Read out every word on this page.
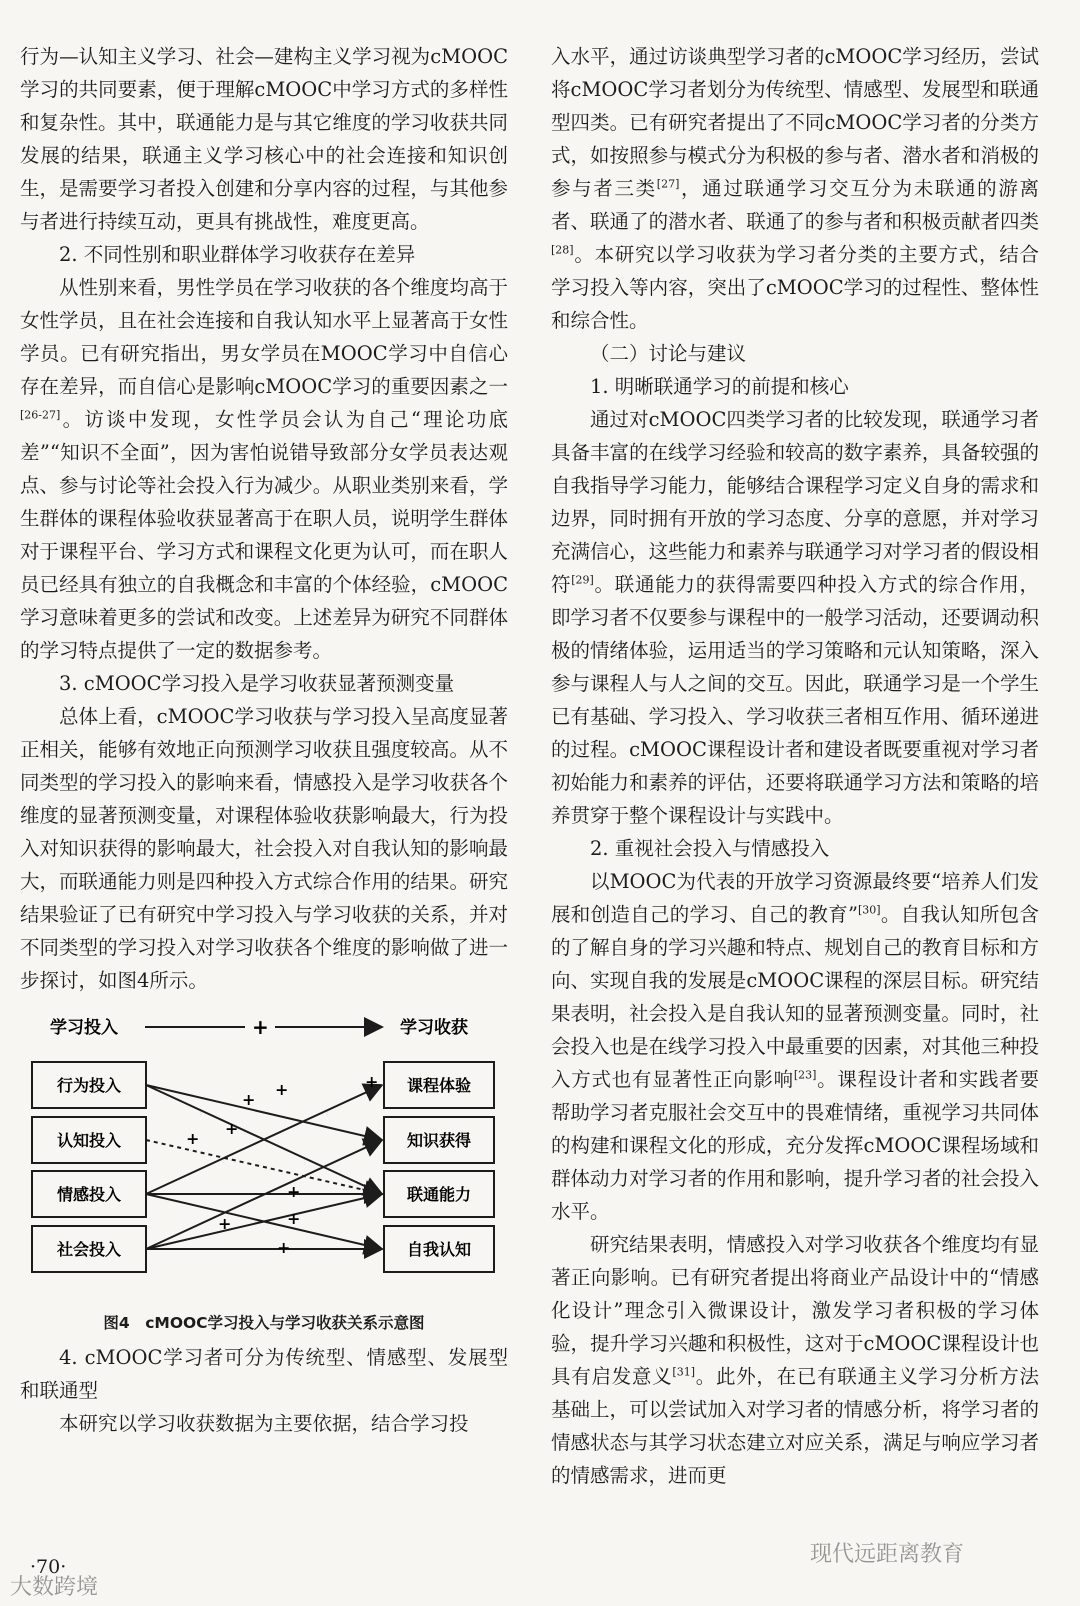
行为—认知主义学习、社会—建构主义学习视为cMOOC学习的共同要素，便于理解cMOOC中学习方式的多样性和复杂性。其中，联通能力是与其它维度的学习收获共同发展的结果，联通主义学习核心中的社会连接和知识创生，是需要学习者投入创建和分享内容的过程，与其他参与者进行持续互动，更具有挑战性，难度更高。

2. 不同性别和职业群体学习收获存在差异

从性别来看，男性学员在学习收获的各个维度均高于女性学员，且在社会连接和自我认知水平上显著高于女性学员。已有研究指出，男女学员在MOOC学习中自信心存在差异，而自信心是影响cMOOC学习的重要因素之一[26-27]。访谈中发现，女性学员会认为自己“理论功底差”“知识不全面”，因为害怕说错导致部分女学员表达观点、参与讨论等社会投入行为减少。从职业类别来看，学生群体的课程体验收获显著高于在职人员，说明学生群体对于课程平台、学习方式和课程文化更为认可，而在职人员已经具有独立的自我概念和丰富的个体经验，cMOOC学习意味着更多的尝试和改变。上述差异为研究不同群体的学习特点提供了一定的数据参考。

3. cMOOC学习投入是学习收获显著预测变量

总体上看，cMOOC学习收获与学习投入呈高度显著正相关，能够有效地正向预测学习收获且强度较高。从不同类型的学习投入的影响来看，情感投入是学习收获各个维度的显著预测变量，对课程体验收获影响最大，行为投入对知识获得的影响最大，社会投入对自我认知的影响最大，而联通能力则是四种投入方式综合作用的结果。研究结果验证了已有研究中学习投入与学习收获的关系，并对不同类型的学习投入对学习收获各个维度的影响做了进一步探讨，如图4所示。

学习投入	+	学习收获
行为投入
认知投入
情感投入
社会投入
课程体验
知识获得
联通能力
自我认知
+
+	+
+
+
+
+
+
+
图4　cMOOC学习投入与学习收获关系示意图
4. cMOOC学习者可分为传统型、情感型、发展型和联通型

本研究以学习收获数据为主要依据，结合学习投

入水平，通过访谈典型学习者的cMOOC学习经历，尝试将cMOOC学习者划分为传统型、情感型、发展型和联通型四类。已有研究者提出了不同cMOOC学习者的分类方式，如按照参与模式分为积极的参与者、潜水者和消极的参与者三类[27]，通过联通学习交互分为未联通的游离者、联通了的潜水者、联通了的参与者和积极贡献者四类[28]。本研究以学习收获为学习者分类的主要方式，结合学习投入等内容，突出了cMOOC学习的过程性、整体性和综合性。

（二）讨论与建议
1. 明晰联通学习的前提和核心

通过对cMOOC四类学习者的比较发现，联通学习者具备丰富的在线学习经验和较高的数字素养，具备较强的自我指导学习能力，能够结合课程学习定义自身的需求和边界，同时拥有开放的学习态度、分享的意愿，并对学习充满信心，这些能力和素养与联通学习对学习者的假设相符[29]。联通能力的获得需要四种投入方式的综合作用，即学习者不仅要参与课程中的一般学习活动，还要调动积极的情绪体验，运用适当的学习策略和元认知策略，深入参与课程人与人之间的交互。因此，联通学习是一个学生已有基础、学习投入、学习收获三者相互作用、循环递进的过程。cMOOC课程设计者和建设者既要重视对学习者初始能力和素养的评估，还要将联通学习方法和策略的培养贯穿于整个课程设计与实践中。

2. 重视社会投入与情感投入

以MOOC为代表的开放学习资源最终要“培养人们发展和创造自己的学习、自己的教育”[30]。自我认知所包含的了解自身的学习兴趣和特点、规划自己的教育目标和方向、实现自我的发展是cMOOC课程的深层目标。研究结果表明，社会投入是自我认知的显著预测变量。同时，社会投入也是在线学习投入中最重要的因素，对其他三种投入方式也有显著性正向影响[23]。课程设计者和实践者要帮助学习者克服社会交互中的畏难情绪，重视学习共同体的构建和课程文化的形成，充分发挥cMOOC课程场域和群体动力对学习者的作用和影响，提升学习者的社会投入水平。

研究结果表明，情感投入对学习收获各个维度均有显著正向影响。已有研究者提出将商业产品设计中的“情感化设计”理念引入微课设计，激发学习者积极的学习体验，提升学习兴趣和积极性，这对于cMOOC课程设计也具有启发意义[31]。此外，在已有联通主义学习分析方法基础上，可以尝试加入对学习者的情感分析，将学习者的情感状态与其学习状态建立对应关系，满足与响应学习者的情感需求，进而更

·70·
大数跨境
现代远距离教育
